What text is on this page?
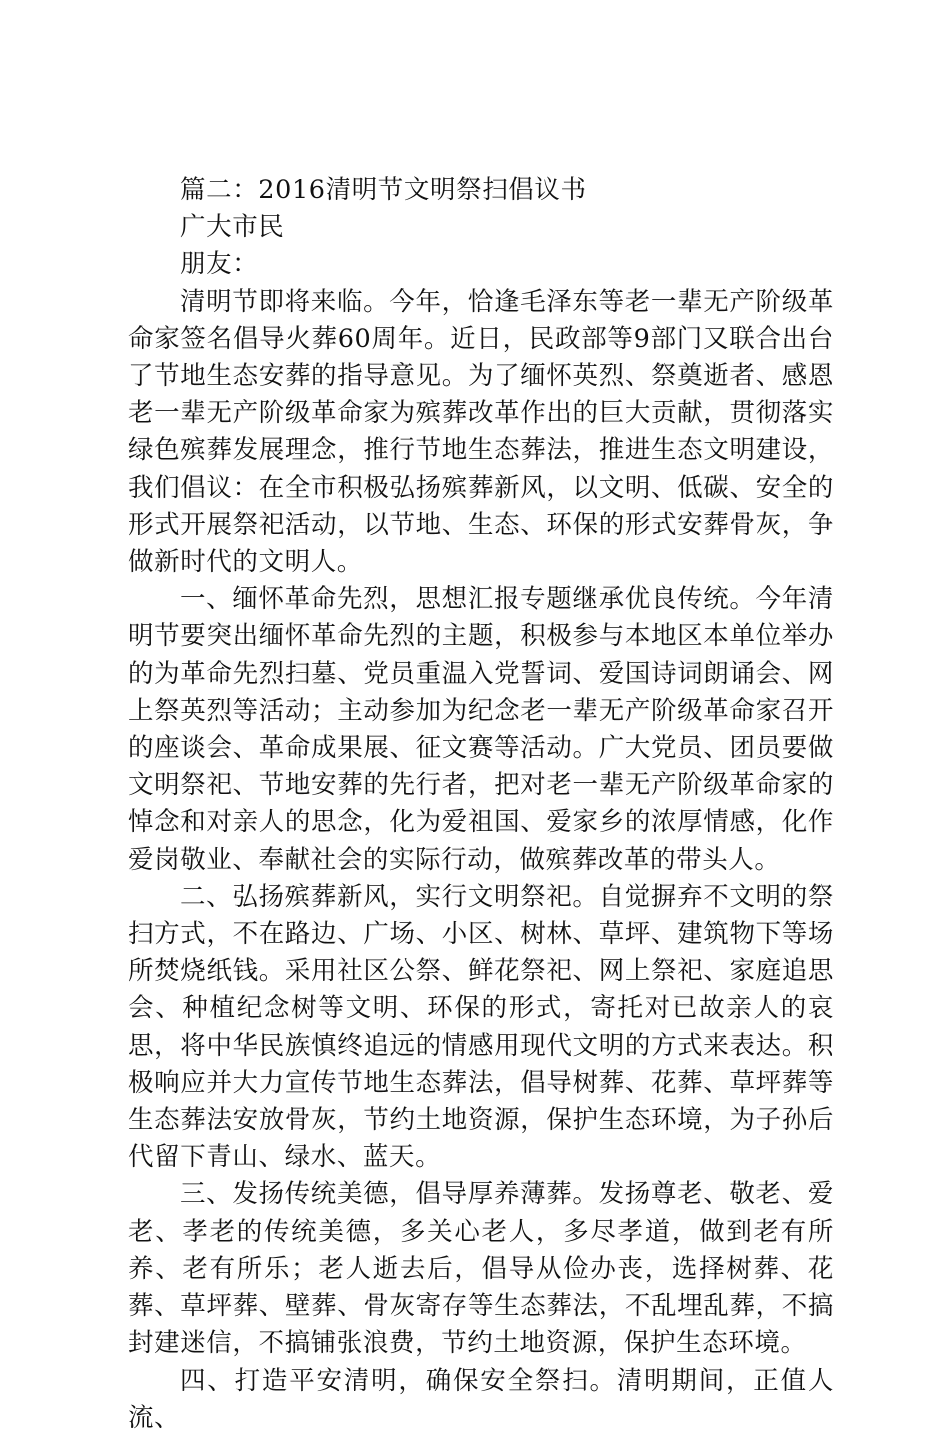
篇二：2016清明节文明祭扫倡议书

广大市民

朋友：

清明节即将来临。今年，恰逢毛泽东等老一辈无产阶级革命家签名倡导火葬60周年。近日，民政部等9部门又联合出台了节地生态安葬的指导意见。为了缅怀英烈、祭奠逝者、感恩老一辈无产阶级革命家为殡葬改革作出的巨大贡献，贯彻落实绿色殡葬发展理念，推行节地生态葬法，推进生态文明建设，我们倡议：在全市积极弘扬殡葬新风，以文明、低碳、安全的形式开展祭祀活动，以节地、生态、环保的形式安葬骨灰，争做新时代的文明人。

一、缅怀革命先烈，思想汇报专题继承优良传统。今年清明节要突出缅怀革命先烈的主题，积极参与本地区本单位举办的为革命先烈扫墓、党员重温入党誓词、爱国诗词朗诵会、网上祭英烈等活动；主动参加为纪念老一辈无产阶级革命家召开的座谈会、革命成果展、征文赛等活动。广大党员、团员要做文明祭祀、节地安葬的先行者，把对老一辈无产阶级革命家的悼念和对亲人的思念，化为爱祖国、爱家乡的浓厚情感，化作爱岗敬业、奉献社会的实际行动，做殡葬改革的带头人。

二、弘扬殡葬新风，实行文明祭祀。自觉摒弃不文明的祭扫方式，不在路边、广场、小区、树林、草坪、建筑物下等场所焚烧纸钱。采用社区公祭、鲜花祭祀、网上祭祀、家庭追思会、种植纪念树等文明、环保的形式，寄托对已故亲人的哀思，将中华民族慎终追远的情感用现代文明的方式来表达。积极响应并大力宣传节地生态葬法，倡导树葬、花葬、草坪葬等生态葬法安放骨灰，节约土地资源，保护生态环境，为子孙后代留下青山、绿水、蓝天。

三、发扬传统美德，倡导厚养薄葬。发扬尊老、敬老、爱老、孝老的传统美德，多关心老人，多尽孝道，做到老有所养、老有所乐；老人逝去后，倡导从俭办丧，选择树葬、花葬、草坪葬、壁葬、骨灰寄存等生态葬法，不乱埋乱葬，不搞封建迷信，不搞铺张浪费，节约土地资源，保护生态环境。

四、打造平安清明，确保安全祭扫。清明期间，正值人流、
